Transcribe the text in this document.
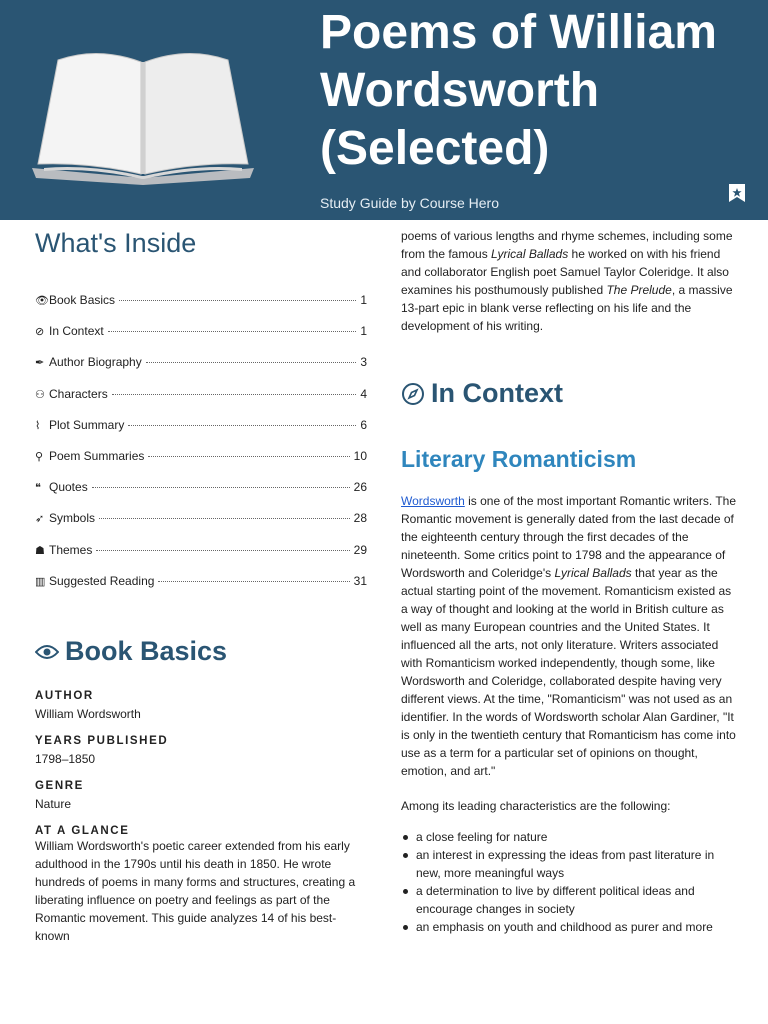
Poems of William Wordsworth (Selected)
Study Guide by Course Hero
What's Inside
👁 Book Basics	1
⊘ In Context	1
✒ Author Biography	3
⚇ Characters	4
⌇ Plot Summary	6
⚲ Poem Summaries	10
❝ Quotes	26
➶ Symbols	28
☗ Themes	29
▥ Suggested Reading	31
Book Basics
AUTHOR
William Wordsworth
YEARS PUBLISHED
1798–1850
GENRE
Nature
AT A GLANCE
William Wordsworth's poetic career extended from his early adulthood in the 1790s until his death in 1850. He wrote hundreds of poems in many forms and structures, creating a liberating influence on poetry and feelings as part of the Romantic movement. This guide analyzes 14 of his best-known

poems of various lengths and rhyme schemes, including some from the famous Lyrical Ballads he worked on with his friend and collaborator English poet Samuel Taylor Coleridge. It also examines his posthumously published The Prelude, a massive 13-part epic in blank verse reflecting on his life and the development of his writing.

In Context
Literary Romanticism

Wordsworth is one of the most important Romantic writers. The Romantic movement is generally dated from the last decade of the eighteenth century through the first decades of the nineteenth. Some critics point to 1798 and the appearance of Wordsworth and Coleridge's Lyrical Ballads that year as the actual starting point of the movement. Romanticism existed as a way of thought and looking at the world in British culture as well as many European countries and the United States. It influenced all the arts, not only literature. Writers associated with Romanticism worked independently, though some, like Wordsworth and Coleridge, collaborated despite having very different views. At the time, "Romanticism" was not used as an identifier. In the words of Wordsworth scholar Alan Gardiner, "It is only in the twentieth century that Romanticism has come into use as a term for a particular set of opinions on thought, emotion, and art."

Among its leading characteristics are the following:

a close feeling for nature
an interest in expressing the ideas from past literature in new, more meaningful ways
a determination to live by different political ideas and encourage changes in society
an emphasis on youth and childhood as purer and more
